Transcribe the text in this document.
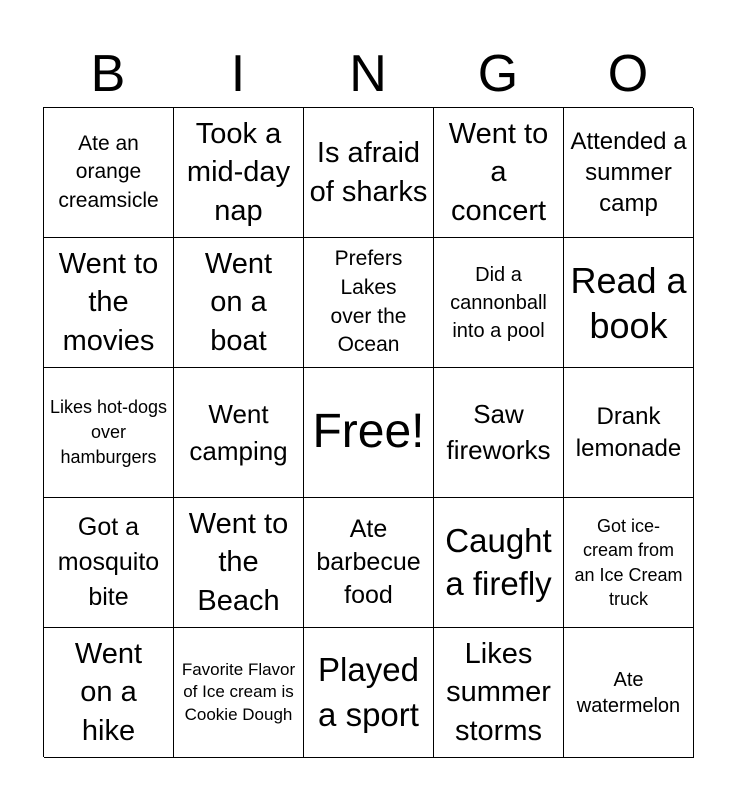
B	I	N	G	O
Ate an orange creamsicle
Took a mid-day nap
Is afraid of sharks
Went to a concert
Attended a summer camp
Went to the movies
Went on a boat
Prefers Lakes over the Ocean
Did a cannonball into a pool
Read a book
Likes hot-dogs over hamburgers
Went camping Free!	Saw fireworks
Drank lemonade
Got a mosquito bite
Went to the Beach
Ate barbecue food
Caught a firefly
Got ice-cream from an Ice Cream truck
Went on a hike
Favorite Flavor of Ice cream is Cookie Dough
Played a sport
Likes summer storms
Ate watermelon
